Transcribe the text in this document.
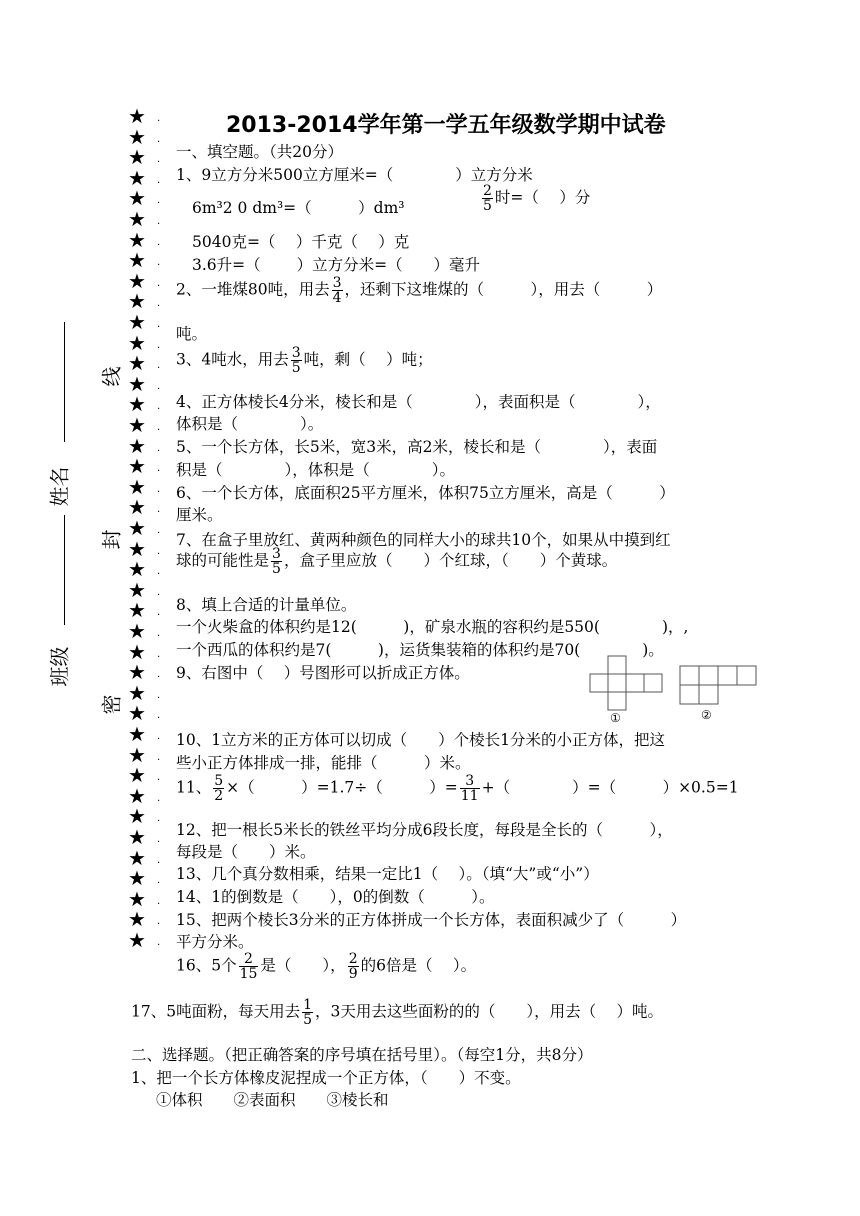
2013-2014学年第一学五年级数学期中试卷
★ ·
★ ·
★ ·
★ ·
★ ·
★ ·
★ ·
★ ·
★ ·
★ ·
★ ·
★ ·
★ ·
★ ·
★ ·
★ ·
★ ·
★ ·
★ ·
★ ·
★ ·
★ ·
★ ·
★ ·
★ ·
★ ·
★ ·
★ ·
★ ·
★ ·
★ ·
★ ·
★ ·
★ ·
★ ·
★ ·
★ ·
★ ·
★ ·
★ ·
★ ·
线
封
密
姓名
班级
一、填空题。（共20分）
1、9立方分米500立方厘米=（　　　　）立方分米
6m³2 0 dm³=（　　　）dm³	$\frac{2}{5}$ 时=（　 ）分
5040克=（　 ）千克（　 ）克
3.6升=（　　 ）立方分米=（　　）毫升
2、一堆煤80吨，用去 $\frac{3}{4}$ ，还剩下这堆煤的（　　　），用去（　　　）
吨。
3、4吨水，用去 $\frac{3}{5}$ 吨，剩（　 ）吨；
4、正方体棱长4分米，棱长和是（　　　　），表面积是（　　　　），
体积是（　　　　）。
5、一个长方体，长5米，宽3米，高2米，棱长和是（　　　　），表面
积是（　　　　），体积是（　　　　）。
6、一个长方体，底面积25平方厘米，体积75立方厘米，高是（　　　）
厘米。
7、在盒子里放红、黄两种颜色的同样大小的球共10个，如果从中摸到红
球的可能性是 $\frac{3}{5}$ ，盒子里应放（　　）个红球，（　　）个黄球。
8、填上合适的计量单位。
一个火柴盒的体积约是12(　　　)，矿泉水瓶的容积约是550(　　　　)，,
一个西瓜的体积约是7(　　　)，运货集装箱的体积约是70(　　　　)。
9、右图中（　 ）号图形可以折成正方体。
①	②
10、1立方米的正方体可以切成（　　）个棱长1分米的小正方体，把这
些小正方体排成一排，能排（　　　）米。
11、 $\frac{5}{2}$ ×（　　　）=1.7÷（　　　）= $\frac{3}{11}$ +（　　　　）=（　　　）×0.5=1
12、把一根长5米长的铁丝平均分成6段长度，每段是全长的（　　　），
每段是（　　）米。
13、几个真分数相乘，结果一定比1（　 ）。（填“大”或“小”）
14、1的倒数是（　　），0的倒数（　　　）。
15、把两个棱长3分米的正方体拼成一个长方体，表面积减少了（　　　）
平方分米。
16、5个 $\frac{2}{15}$ 是（　　）， $\frac{2}{9}$ 的6倍是（　 ）。
17、5吨面粉，每天用去 $\frac{1}{5}$ ，3天用去这些面粉的的（　　），用去（　 ）吨。
二、选择题。（把正确答案的序号填在括号里）。（每空1分，共8分）
1、把一个长方体橡皮泥捏成一个正方体，（　　）不变。
①体积　　②表面积　　③棱长和
